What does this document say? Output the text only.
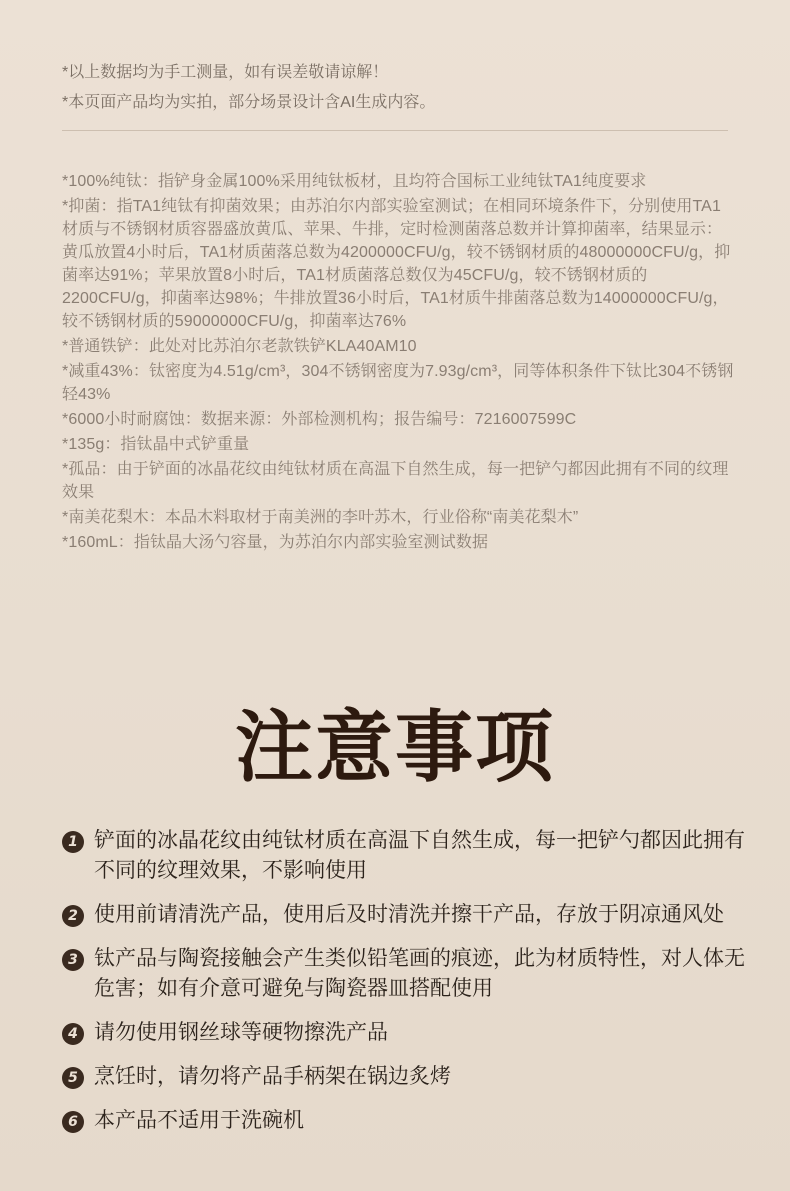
*以上数据均为手工测量，如有误差敬请谅解！

*本页面产品均为实拍，部分场景设计含AI生成内容。

*100%纯钛：指铲身金属100%采用纯钛板材，且均符合国标工业纯钛TA1纯度要求

*抑菌：指TA1纯钛有抑菌效果；由苏泊尔内部实验室测试；在相同环境条件下，分别使用TA1材质与不锈钢材质容器盛放黄瓜、苹果、牛排，定时检测菌落总数并计算抑菌率，结果显示：黄瓜放置4小时后，TA1材质菌落总数为4200000CFU/g，较不锈钢材质的48000000CFU/g，抑菌率达91%；苹果放置8小时后，TA1材质菌落总数仅为45CFU/g，较不锈钢材质的2200CFU/g，抑菌率达98%；牛排放置36小时后，TA1材质牛排菌落总数为14000000CFU/g，较不锈钢材质的59000000CFU/g，抑菌率达76%

*普通铁铲：此处对比苏泊尔老款铁铲KLA40AM10

*减重43%：钛密度为4.51g/cm³，304不锈钢密度为7.93g/cm³，同等体积条件下钛比304不锈钢轻43%

*6000小时耐腐蚀：数据来源：外部检测机构；报告编号：7216007599C

*135g：指钛晶中式铲重量

*孤品：由于铲面的冰晶花纹由纯钛材质在高温下自然生成，每一把铲勺都因此拥有不同的纹理效果

*南美花梨木：本品木料取材于南美洲的李叶苏木，行业俗称“南美花梨木”

*160mL：指钛晶大汤勺容量，为苏泊尔内部实验室测试数据

注意事项
1 铲面的冰晶花纹由纯钛材质在高温下自然生成，每一把铲勺都因此拥有不同的纹理效果，不影响使用
2 使用前请清洗产品，使用后及时清洗并擦干产品，存放于阴凉通风处
3 钛产品与陶瓷接触会产生类似铅笔画的痕迹，此为材质特性，对人体无危害；如有介意可避免与陶瓷器皿搭配使用
4 请勿使用钢丝球等硬物擦洗产品
5 烹饪时，请勿将产品手柄架在锅边炙烤
6 本产品不适用于洗碗机
